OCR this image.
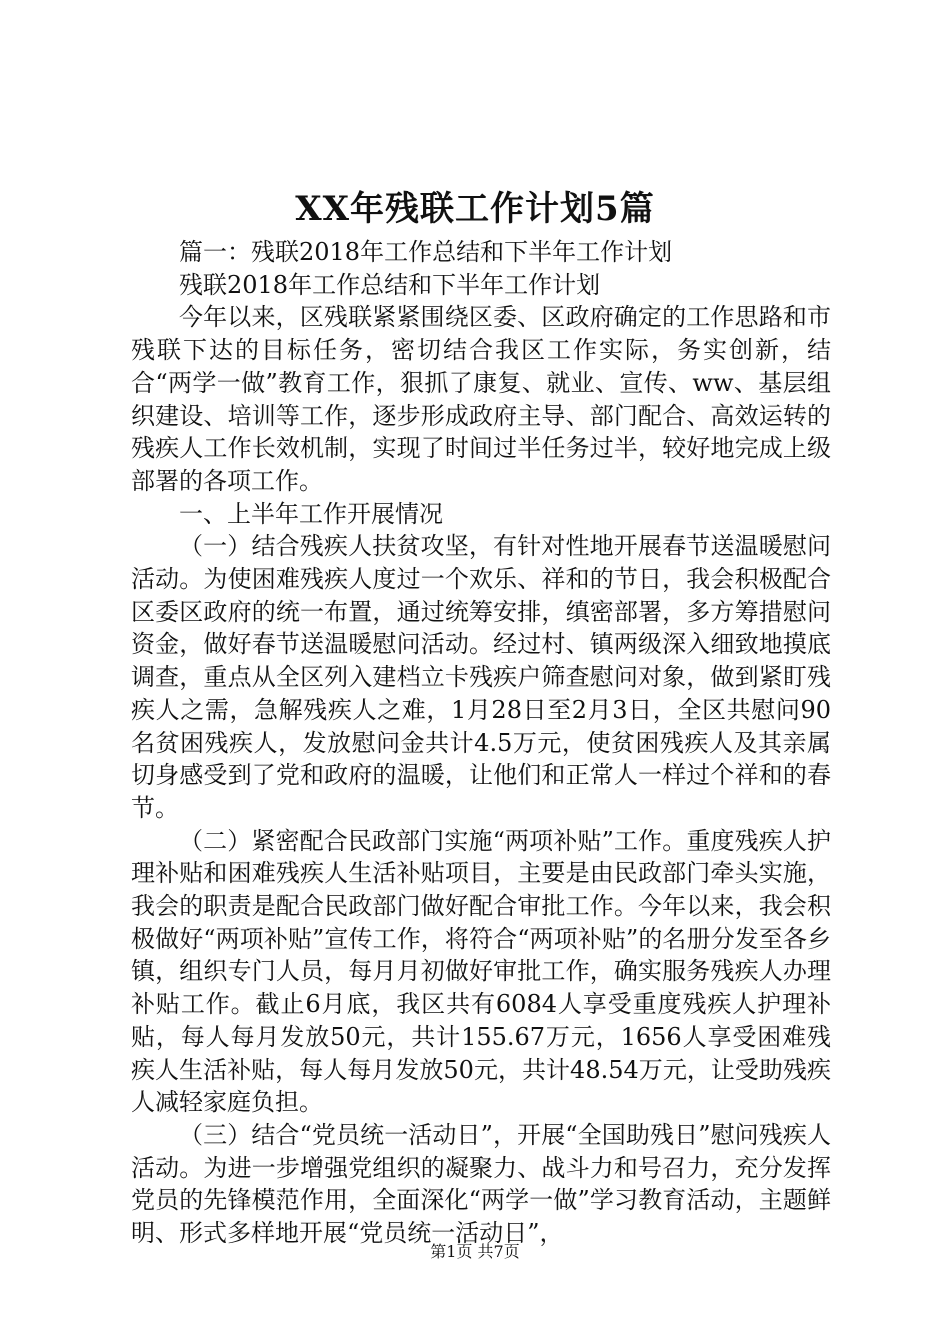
XX年残联工作计划5篇

篇一：残联2018年工作总结和下半年工作计划

残联2018年工作总结和下半年工作计划

今年以来，区残联紧紧围绕区委、区政府确定的工作思路和市残联下达的目标任务，密切结合我区工作实际，务实创新，结合“两学一做”教育工作，狠抓了康复、就业、宣传、ww、基层组织建设、培训等工作，逐步形成政府主导、部门配合、高效运转的残疾人工作长效机制，实现了时间过半任务过半，较好地完成上级部署的各项工作。

一、上半年工作开展情况

（一）结合残疾人扶贫攻坚，有针对性地开展春节送温暖慰问活动。为使困难残疾人度过一个欢乐、祥和的节日，我会积极配合区委区政府的统一布置，通过统筹安排，缜密部署，多方筹措慰问资金，做好春节送温暖慰问活动。经过村、镇两级深入细致地摸底调查，重点从全区列入建档立卡残疾户筛查慰问对象，做到紧盯残疾人之需，急解残疾人之难，1月28日至2月3日，全区共慰问90名贫困残疾人，发放慰问金共计4.5万元，使贫困残疾人及其亲属切身感受到了党和政府的温暖，让他们和正常人一样过个祥和的春节。

（二）紧密配合民政部门实施“两项补贴”工作。重度残疾人护理补贴和困难残疾人生活补贴项目，主要是由民政部门牵头实施，我会的职责是配合民政部门做好配合审批工作。今年以来，我会积极做好“两项补贴”宣传工作，将符合“两项补贴”的名册分发至各乡镇，组织专门人员，每月月初做好审批工作，确实服务残疾人办理补贴工作。截止6月底，我区共有6084人享受重度残疾人护理补贴，每人每月发放50元，共计155.67万元，1656人享受困难残疾人生活补贴，每人每月发放50元，共计48.54万元，让受助残疾人减轻家庭负担。

（三）结合“党员统一活动日”，开展“全国助残日”慰问残疾人活动。为进一步增强党组织的凝聚力、战斗力和号召力，充分发挥党员的先锋模范作用，全面深化“两学一做”学习教育活动，主题鲜明、形式多样地开展“党员统一活动日”，

第1页 共7页
